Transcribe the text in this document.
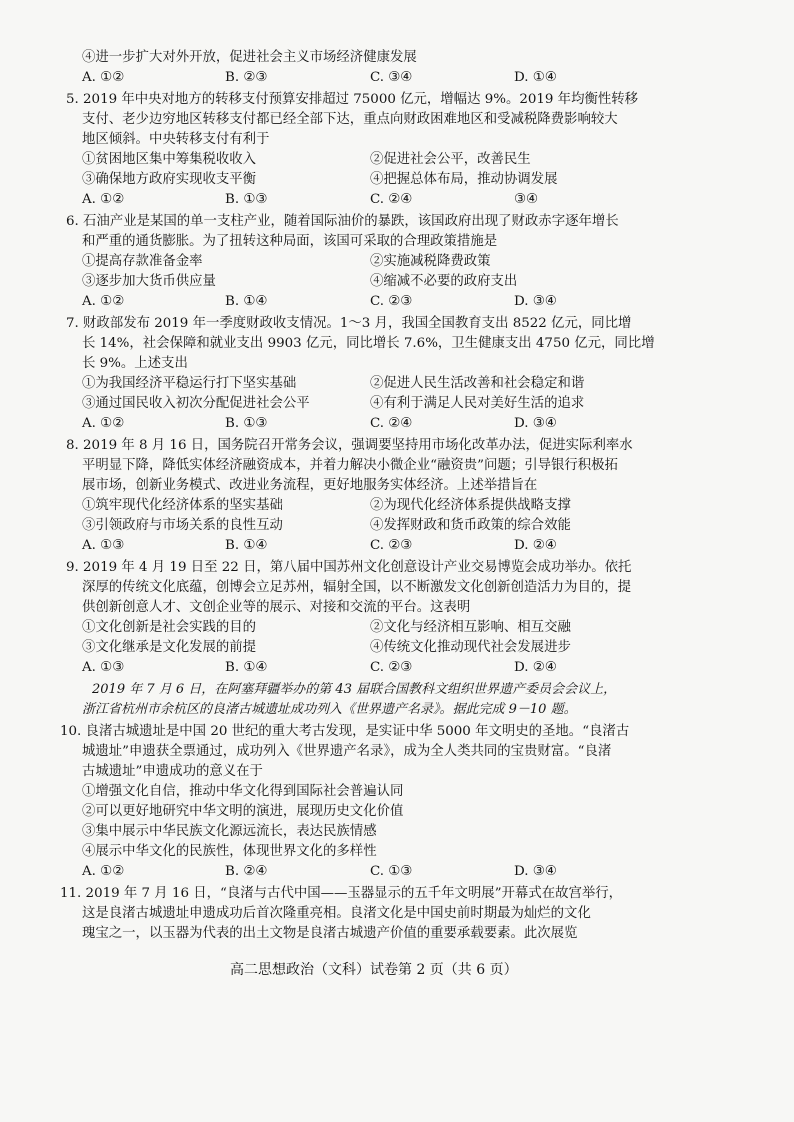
④进一步扩大对外开放，促进社会主义市场经济健康发展
A. ①②	B. ②③	C. ③④	D. ①④
5. 2019 年中央对地方的转移支付预算安排超过 75000 亿元，增幅达 9%。2019 年均衡性转移
支付、老少边穷地区转移支付都已经全部下达，重点向财政困难地区和受减税降费影响较大
地区倾斜。中央转移支付有利于
①贫困地区集中筹集税收收入	②促进社会公平，改善民生
③确保地方政府实现收支平衡	④把握总体布局，推动协调发展
A. ①②	B. ①③	C. ②④	③④
6. 石油产业是某国的单一支柱产业，随着国际油价的暴跌，该国政府出现了财政赤字逐年增长
和严重的通货膨胀。为了扭转这种局面，该国可采取的合理政策措施是
①提高存款准备金率	②实施减税降费政策
③逐步加大货币供应量	④缩减不必要的政府支出
A. ①②	B. ①④	C. ②③	D. ③④
7. 财政部发布 2019 年一季度财政收支情况。1～3 月，我国全国教育支出 8522 亿元，同比增
长 14%，社会保障和就业支出 9903 亿元，同比增长 7.6%，卫生健康支出 4750 亿元，同比增
长 9%。上述支出
①为我国经济平稳运行打下坚实基础	②促进人民生活改善和社会稳定和谐
③通过国民收入初次分配促进社会公平	④有利于满足人民对美好生活的追求
A. ①②	B. ①③	C. ②④	D. ③④
8. 2019 年 8 月 16 日，国务院召开常务会议，强调要坚持用市场化改革办法，促进实际利率水
平明显下降，降低实体经济融资成本，并着力解决小微企业“融资贵”问题；引导银行积极拓
展市场，创新业务模式、改进业务流程，更好地服务实体经济。上述举措旨在
①筑牢现代化经济体系的坚实基础	②为现代化经济体系提供战略支撑
③引领政府与市场关系的良性互动	④发挥财政和货币政策的综合效能
A. ①③	B. ①④	C. ②③	D. ②④
9. 2019 年 4 月 19 日至 22 日，第八届中国苏州文化创意设计产业交易博览会成功举办。依托
深厚的传统文化底蕴，创博会立足苏州，辐射全国，以不断激发文化创新创造活力为目的，提
供创新创意人才、文创企业等的展示、对接和交流的平台。这表明
①文化创新是社会实践的目的	②文化与经济相互影响、相互交融
③文化继承是文化发展的前提	④传统文化推动现代社会发展进步
A. ①③	B. ①④	C. ②③	D. ②④
2019 年 7 月 6 日，在阿塞拜疆举办的第 43 届联合国教科文组织世界遗产委员会会议上，
浙江省杭州市余杭区的良渚古城遗址成功列入《世界遗产名录》。据此完成 9－10 题。
10. 良渚古城遗址是中国 20 世纪的重大考古发现，是实证中华 5000 年文明史的圣地。“良渚古
城遗址”申遗获全票通过，成功列入《世界遗产名录》，成为全人类共同的宝贵财富。“良渚
古城遗址”申遗成功的意义在于
①增强文化自信，推动中华文化得到国际社会普遍认同
②可以更好地研究中华文明的演进，展现历史文化价值
③集中展示中华民族文化源远流长，表达民族情感
④展示中华文化的民族性，体现世界文化的多样性
A. ①②	B. ②④	C. ①③	D. ③④
11. 2019 年 7 月 16 日，“良渚与古代中国——玉器显示的五千年文明展”开幕式在故宫举行，
这是良渚古城遗址申遗成功后首次隆重亮相。良渚文化是中国史前时期最为灿烂的文化
瑰宝之一，以玉器为代表的出土文物是良渚古城遗产价值的重要承载要素。此次展览
高二思想政治（文科）试卷第 2 页（共 6 页）
